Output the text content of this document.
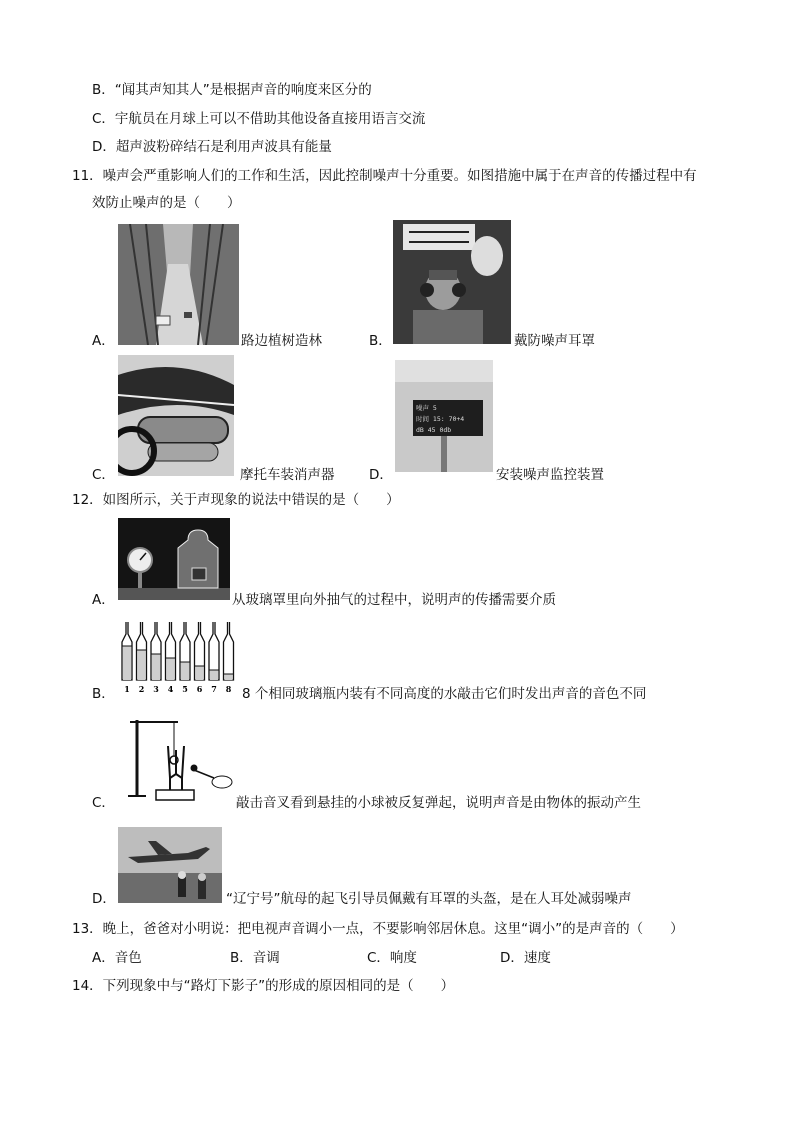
B．“闻其声知其人”是根据声音的响度来区分的
C．宇航员在月球上可以不借助其他设备直接用语言交流
D．超声波粉碎结石是利用声波具有能量
11．噪声会严重影响人们的工作和生活，因此控制噪声十分重要。如图措施中属于在声音的传播过程中有
效防止噪声的是（　　）
A．	路边植树造林	B．	戴防噪声耳罩
C．	摩托车装消声器
噪声 5
时间 15: 70+4
dB 45 0db
D．	安装噪声监控装置
12．如图所示，关于声现象的说法中错误的是（　　）
A．	从玻璃罩里向外抽气的过程中，说明声的传播需要介质
1 2 3 4 5 6 7 8
B．	8 个相同玻璃瓶内装有不同高度的水敲击它们时发出声音的音色不同
C．	敲击音叉看到悬挂的小球被反复弹起，说明声音是由物体的振动产生
D．	“辽宁号”航母的起飞引导员佩戴有耳罩的头盔，是在人耳处减弱噪声
13．晚上，爸爸对小明说：把电视声音调小一点，不要影响邻居休息。这里“调小”的是声音的（　　）
A．音色	B．音调	C．响度	D．速度
14．下列现象中与“路灯下影子”的形成的原因相同的是（　　）
